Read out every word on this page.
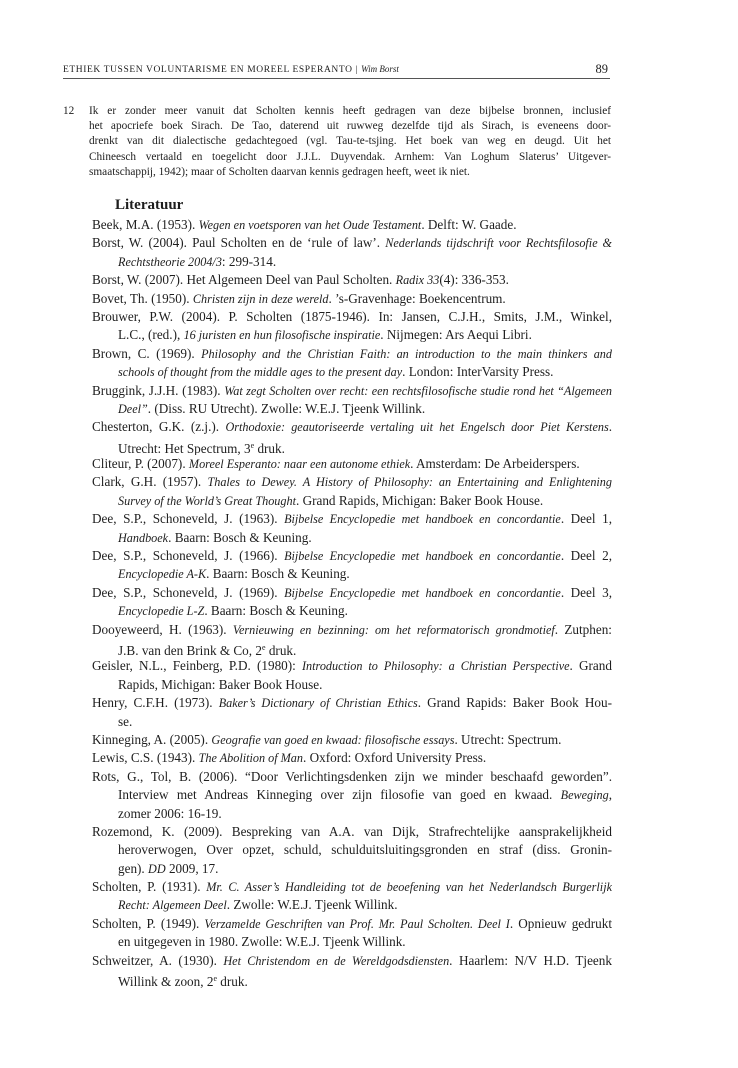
ETHIEK TUSSEN VOLUNTARISME EN MOREEL ESPERANTO | Wim Borst	89
12 Ik er zonder meer vanuit dat Scholten kennis heeft gedragen van deze bijbelse bronnen, inclusief
het apocriefe boek Sirach. De Tao, daterend uit ruwweg dezelfde tijd als Sirach, is eveneens door-
drenkt van dit dialectische gedachtegoed (vgl. Tau-te-tsjing. Het boek van weg en deugd. Uit het
Chineesch vertaald en toegelicht door J.J.L. Duyvendak. Arnhem: Van Loghum Slaterus’ Uitgever-
smaatschappij, 1942); maar of Scholten daarvan kennis gedragen heeft, weet ik niet.
Literatuur
Beek, M.A. (1953). Wegen en voetsporen van het Oude Testament. Delft: W. Gaade.
Borst, W. (2004). Paul Scholten en de ‘rule of law’. Nederlands tijdschrift voor Rechtsfilosofie &
Rechtstheorie 2004/3: 299-314.
Borst, W. (2007). Het Algemeen Deel van Paul Scholten. Radix 33(4): 336-353.
Bovet, Th. (1950). Christen zijn in deze wereld. ’s-Gravenhage: Boekencentrum.
Brouwer, P.W. (2004). P. Scholten (1875-1946). In: Jansen, C.J.H., Smits, J.M., Winkel,
L.C., (red.), 16 juristen en hun filosofische inspiratie. Nijmegen: Ars Aequi Libri.
Brown, C. (1969). Philosophy and the Christian Faith: an introduction to the main thinkers and
schools of thought from the middle ages to the present day. London: InterVarsity Press.
Bruggink, J.J.H. (1983). Wat zegt Scholten over recht: een rechtsfilosofische studie rond het “Algemeen
Deel”. (Diss. RU Utrecht). Zwolle: W.E.J. Tjeenk Willink.
Chesterton, G.K. (z.j.). Orthodoxie: geautoriseerde vertaling uit het Engelsch door Piet Kerstens.
Utrecht: Het Spectrum, 3e druk.
Cliteur, P. (2007). Moreel Esperanto: naar een autonome ethiek. Amsterdam: De Arbeiderspers.
Clark, G.H. (1957). Thales to Dewey. A History of Philosophy: an Entertaining and Enlightening
Survey of the World’s Great Thought. Grand Rapids, Michigan: Baker Book House.
Dee, S.P., Schoneveld, J. (1963). Bijbelse Encyclopedie met handboek en concordantie. Deel 1,
Handboek. Baarn: Bosch & Keuning.
Dee, S.P., Schoneveld, J. (1966). Bijbelse Encyclopedie met handboek en concordantie. Deel 2,
Encyclopedie A-K. Baarn: Bosch & Keuning.
Dee, S.P., Schoneveld, J. (1969). Bijbelse Encyclopedie met handboek en concordantie. Deel 3,
Encyclopedie L-Z. Baarn: Bosch & Keuning.
Dooyeweerd, H. (1963). Vernieuwing en bezinning: om het reformatorisch grondmotief. Zutphen:
J.B. van den Brink & Co, 2e druk.
Geisler, N.L., Feinberg, P.D. (1980): Introduction to Philosophy: a Christian Perspective. Grand
Rapids, Michigan: Baker Book House.
Henry, C.F.H. (1973). Baker’s Dictionary of Christian Ethics. Grand Rapids: Baker Book Hou-
se.
Kinneging, A. (2005). Geografie van goed en kwaad: filosofische essays. Utrecht: Spectrum.
Lewis, C.S. (1943). The Abolition of Man. Oxford: Oxford University Press.
Rots, G., Tol, B. (2006). “Door Verlichtingsdenken zijn we minder beschaafd geworden”.
Interview met Andreas Kinneging over zijn filosofie van goed en kwaad. Beweging,
zomer 2006: 16-19.
Rozemond, K. (2009). Bespreking van A.A. van Dijk, Strafrechtelijke aansprakelijkheid
heroverwogen, Over opzet, schuld, schulduitsluitingsgronden en straf (diss. Gronin-
gen). DD 2009, 17.
Scholten, P. (1931). Mr. C. Asser’s Handleiding tot de beoefening van het Nederlandsch Burgerlijk
Recht: Algemeen Deel. Zwolle: W.E.J. Tjeenk Willink.
Scholten, P. (1949). Verzamelde Geschriften van Prof. Mr. Paul Scholten. Deel I. Opnieuw gedrukt
en uitgegeven in 1980. Zwolle: W.E.J. Tjeenk Willink.
Schweitzer, A. (1930). Het Christendom en de Wereldgodsdiensten. Haarlem: N/V H.D. Tjeenk
Willink & zoon, 2e druk.
